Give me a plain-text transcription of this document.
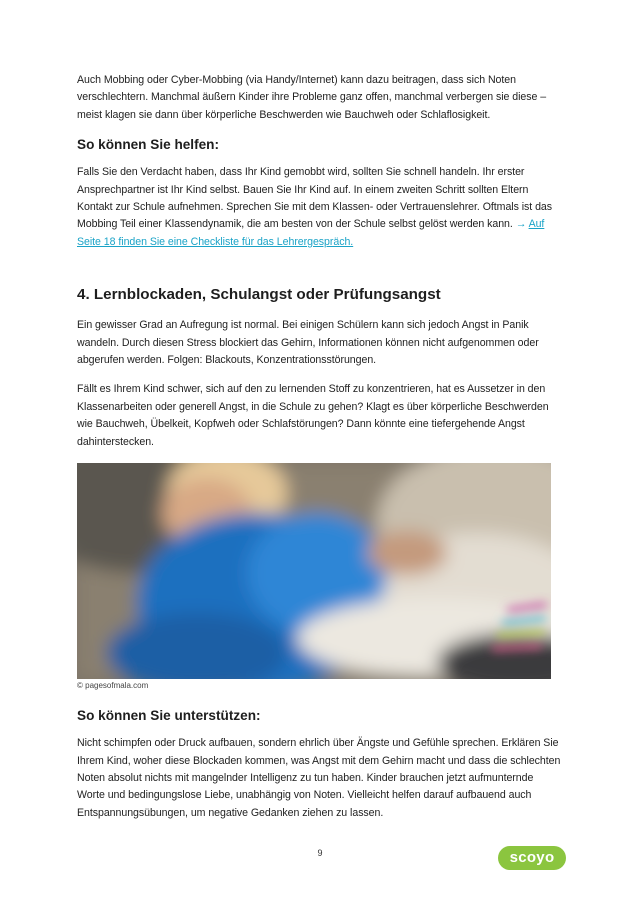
Auch Mobbing oder Cyber-Mobbing (via Handy/Internet) kann dazu beitragen, dass sich Noten verschlechtern. Manchmal äußern Kinder ihre Probleme ganz offen, manchmal verbergen sie diese – meist klagen sie dann über körperliche Beschwerden wie Bauchweh oder Schlaflosigkeit.

So können Sie helfen:

Falls Sie den Verdacht haben, dass Ihr Kind gemobbt wird, sollten Sie schnell handeln. Ihr erster Ansprechpartner ist Ihr Kind selbst. Bauen Sie Ihr Kind auf. In einem zweiten Schritt sollten Eltern Kontakt zur Schule aufnehmen. Sprechen Sie mit dem Klassen- oder Vertrauenslehrer. Oftmals ist das Mobbing Teil einer Klassendynamik, die am besten von der Schule selbst gelöst werden kann. → Auf Seite 18 finden Sie eine Checkliste für das Lehrergespräch.

4. Lernblockaden, Schulangst oder Prüfungsangst

Ein gewisser Grad an Aufregung ist normal. Bei einigen Schülern kann sich jedoch Angst in Panik wandeln. Durch diesen Stress blockiert das Gehirn, Informationen können nicht aufgenommen oder abgerufen werden. Folgen: Blackouts, Konzentrationsstörungen.

Fällt es Ihrem Kind schwer, sich auf den zu lernenden Stoff zu konzentrieren, hat es Aussetzer in den Klassenarbeiten oder generell Angst, in die Schule zu gehen? Klagt es über körperliche Beschwerden wie Bauchweh, Übelkeit, Kopfweh oder Schlafstörungen? Dann könnte eine tiefergehende Angst dahinterstecken.

© pagesofmala.com
So können Sie unterstützen:

Nicht schimpfen oder Druck aufbauen, sondern ehrlich über Ängste und Gefühle sprechen. Erklären Sie Ihrem Kind, woher diese Blockaden kommen, was Angst mit dem Gehirn macht und dass die schlechten Noten absolut nichts mit mangelnder Intelligenz zu tun haben. Kinder brauchen jetzt aufmunternde Worte und bedingungslose Liebe, unabhängig von Noten. Vielleicht helfen darauf aufbauend auch Entspannungsübungen, um negative Gedanken ziehen zu lassen.

9	scoyo
